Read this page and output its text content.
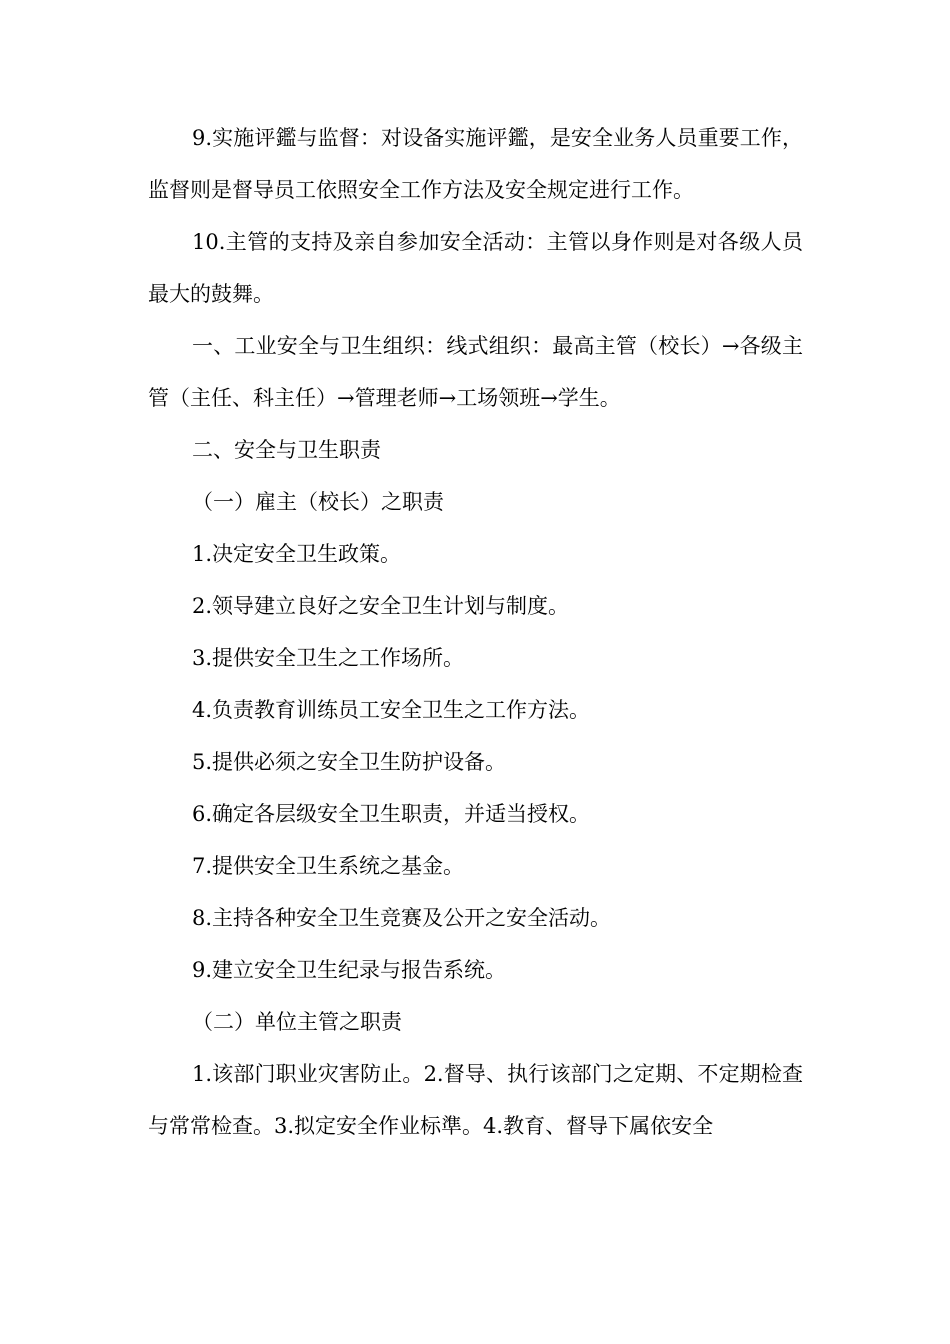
9.实施评鑑与监督：对设备实施评鑑，是安全业务人员重要工作，监督则是督导员工依照安全工作方法及安全规定进行工作。

10.主管的支持及亲自参加安全活动：主管以身作则是对各级人员最大的鼓舞。

一、工业安全与卫生组织：线式组织：最高主管（校长）→各级主管（主任、科主任）→管理老师→工场领班→学生。

二、安全与卫生职责

（一）雇主（校长）之职责

1.决定安全卫生政策。

2.领导建立良好之安全卫生计划与制度。

3.提供安全卫生之工作场所。

4.负责教育训练员工安全卫生之工作方法。

5.提供必须之安全卫生防护设备。

6.确定各层级安全卫生职责，并适当授权。

7.提供安全卫生系统之基金。

8.主持各种安全卫生竞赛及公开之安全活动。

9.建立安全卫生纪录与报告系统。

（二）单位主管之职责

1.该部门职业灾害防止。2.督导、执行该部门之定期、不定期检查与常常检查。3.拟定安全作业标準。4.教育、督导下属依安全
